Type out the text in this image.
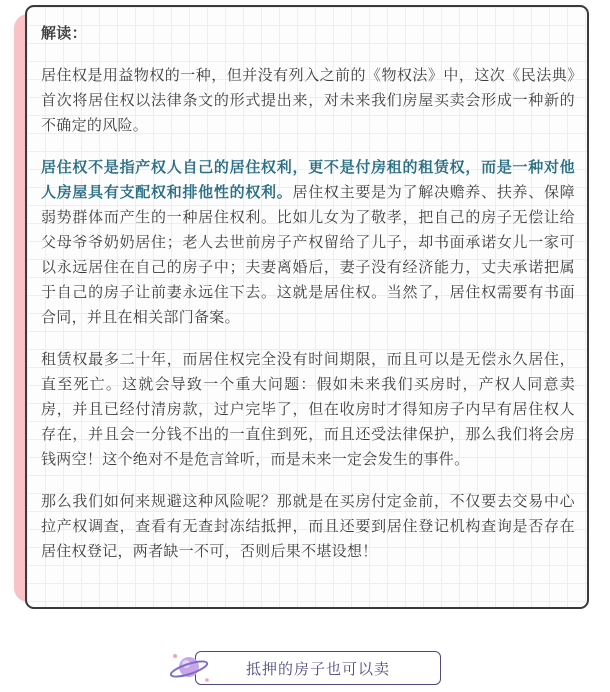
解读：

居住权是用益物权的一种，但并没有列入之前的《物权法》中，这次《民法典》首次将居住权以法律条文的形式提出来，对未来我们房屋买卖会形成一种新的不确定的风险。

居住权不是指产权人自己的居住权利，更不是付房租的租赁权，而是一种对他人房屋具有支配权和排他性的权利。居住权主要是为了解决赡养、扶养、保障弱势群体而产生的一种居住权利。比如儿女为了敬孝，把自己的房子无偿让给父母爷爷奶奶居住；老人去世前房子产权留给了儿子，却书面承诺女儿一家可以永远居住在自己的房子中；夫妻离婚后，妻子没有经济能力，丈夫承诺把属于自己的房子让前妻永远住下去。这就是居住权。当然了，居住权需要有书面合同，并且在相关部门备案。

租赁权最多二十年，而居住权完全没有时间期限，而且可以是无偿永久居住，直至死亡。这就会导致一个重大问题：假如未来我们买房时，产权人同意卖房，并且已经付清房款，过户完毕了，但在收房时才得知房子内早有居住权人存在，并且会一分钱不出的一直住到死，而且还受法律保护，那么我们将会房钱两空！这个绝对不是危言耸听，而是未来一定会发生的事件。

那么我们如何来规避这种风险呢？那就是在买房付定金前，不仅要去交易中心拉产权调查，查看有无查封冻结抵押，而且还要到居住登记机构查询是否存在居住权登记，两者缺一不可，否则后果不堪设想！

抵押的房子也可以卖
